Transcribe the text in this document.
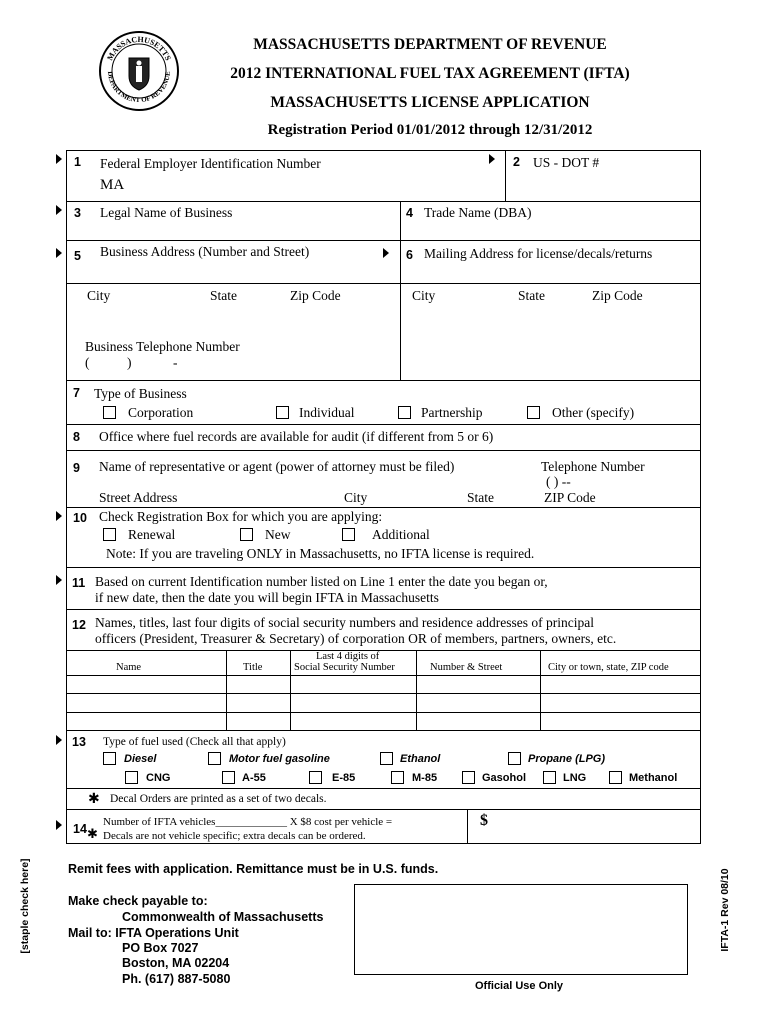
MASSACHUSETTS
DEPARTMENT OF REVENUE
MASSACHUSETTS DEPARTMENT OF REVENUE
2012 INTERNATIONAL FUEL TAX AGREEMENT (IFTA)
MASSACHUSETTS LICENSE APPLICATION
Registration Period 01/01/2012 through 12/31/2012
1 Federal Employer Identification Number
MA
2 US - DOT #
3 Legal Name of Business	4 Trade Name (DBA)
5 Business Address (Number and Street)	6 Mailing Address for license/decals/returns
City	State	Zip Code	City	State	Zip Code
Business Telephone Number
(	)	-
7 Type of Business
Corporation	Individual	Partnership	Other (specify)
8 Office where fuel records are available for audit (if different from 5 or 6)
9 Name of representative or agent (power of attorney must be filed)	Telephone Number
( ) --
Street Address	City	State	ZIP Code
10 Check Registration Box for which you are applying:
Renewal	New	Additional
Note: If you are traveling ONLY in Massachusetts, no IFTA license is required.
11 Based on current Identification number listed on Line 1 enter the date you began or,
if new date, then the date you will begin IFTA in Massachusetts
12 Names, titles, last four digits of social security numbers and residence addresses of principal
officers (President, Treasurer & Secretary) of corporation OR of members, partners, owners, etc.
Name	Title
Last 4 digits of
Social Security Number	Number & Street	City or town, state, ZIP code
13 Type of fuel used (Check all that apply)
Diesel	Motor fuel gasoline	Ethanol	Propane (LPG)
CNG	A-55	E-85	M-85	Gasohol	LNG	Methanol
✱ Decal Orders are printed as a set of two decals.
14 ✱
Number of IFTA vehicles_____________ X $8 cost per vehicle =
Decals are not vehicle specific; extra decals can be ordered.
$
Remit fees with application. Remittance must be in U.S. funds.
Make check payable to:
Commonwealth of Massachusetts
Mail to: IFTA Operations Unit
PO Box 7027
Boston, MA 02204
Ph. (617) 887-5080	Official Use Only
[staple check here]	IFTA-1 Rev 08/10
